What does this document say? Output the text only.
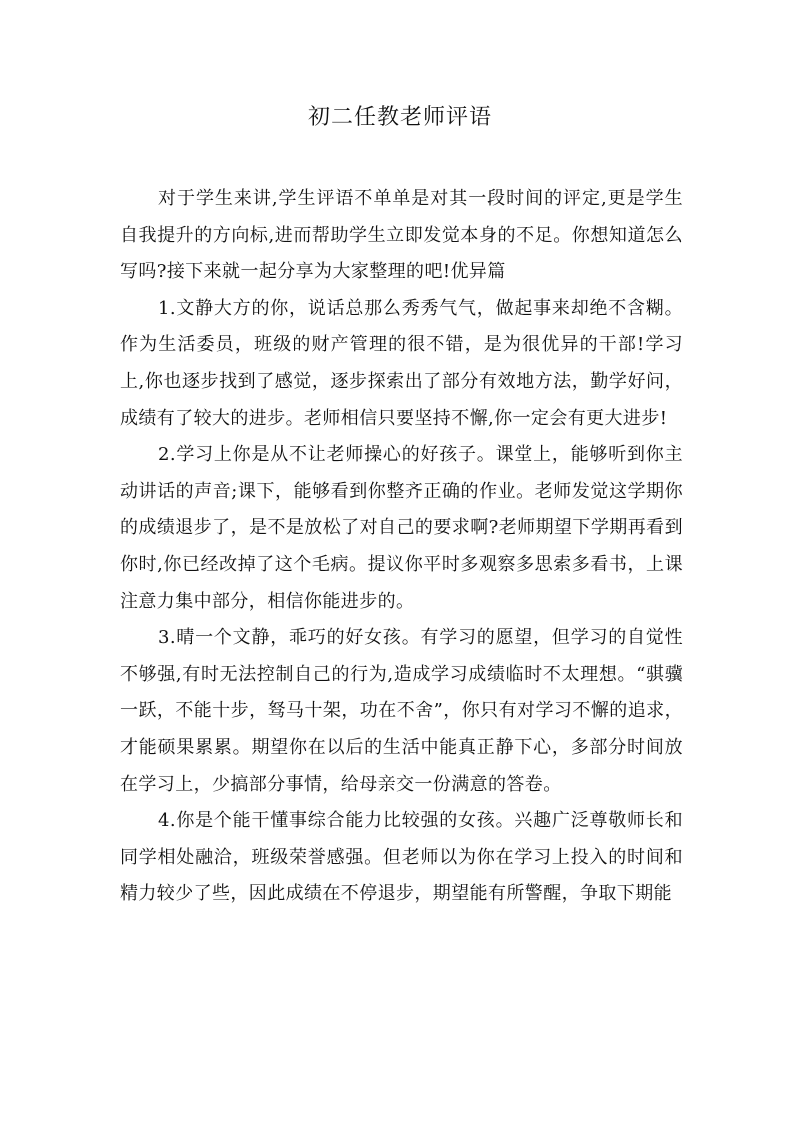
初二任教老师评语

对于学生来讲,学生评语不单单是对其一段时间的评定,更是学生自我提升的方向标,进而帮助学生立即发觉本身的不足。你想知道怎么写吗?接下来就一起分享为大家整理的吧!优异篇

1.文静大方的你，说话总那么秀秀气气，做起事来却绝不含糊。作为生活委员，班级的财产管理的很不错，是为很优异的干部!学习上,你也逐步找到了感觉，逐步探索出了部分有效地方法，勤学好问，成绩有了较大的进步。老师相信只要坚持不懈,你一定会有更大进步!

2.学习上你是从不让老师操心的好孩子。课堂上，能够听到你主动讲话的声音;课下，能够看到你整齐正确的作业。老师发觉这学期你的成绩退步了，是不是放松了对自己的要求啊?老师期望下学期再看到你时,你已经改掉了这个毛病。提议你平时多观察多思索多看书，上课注意力集中部分，相信你能进步的。

3.晴一个文静，乖巧的好女孩。有学习的愿望，但学习的自觉性不够强,有时无法控制自己的行为,造成学习成绩临时不太理想。“骐骥一跃，不能十步，驽马十架，功在不舍”，你只有对学习不懈的追求，才能硕果累累。期望你在以后的生活中能真正静下心，多部分时间放在学习上，少搞部分事情，给母亲交一份满意的答卷。

4.你是个能干懂事综合能力比较强的女孩。兴趣广泛尊敬师长和同学相处融洽，班级荣誉感强。但老师以为你在学习上投入的时间和精力较少了些，因此成绩在不停退步，期望能有所警醒，争取下期能
